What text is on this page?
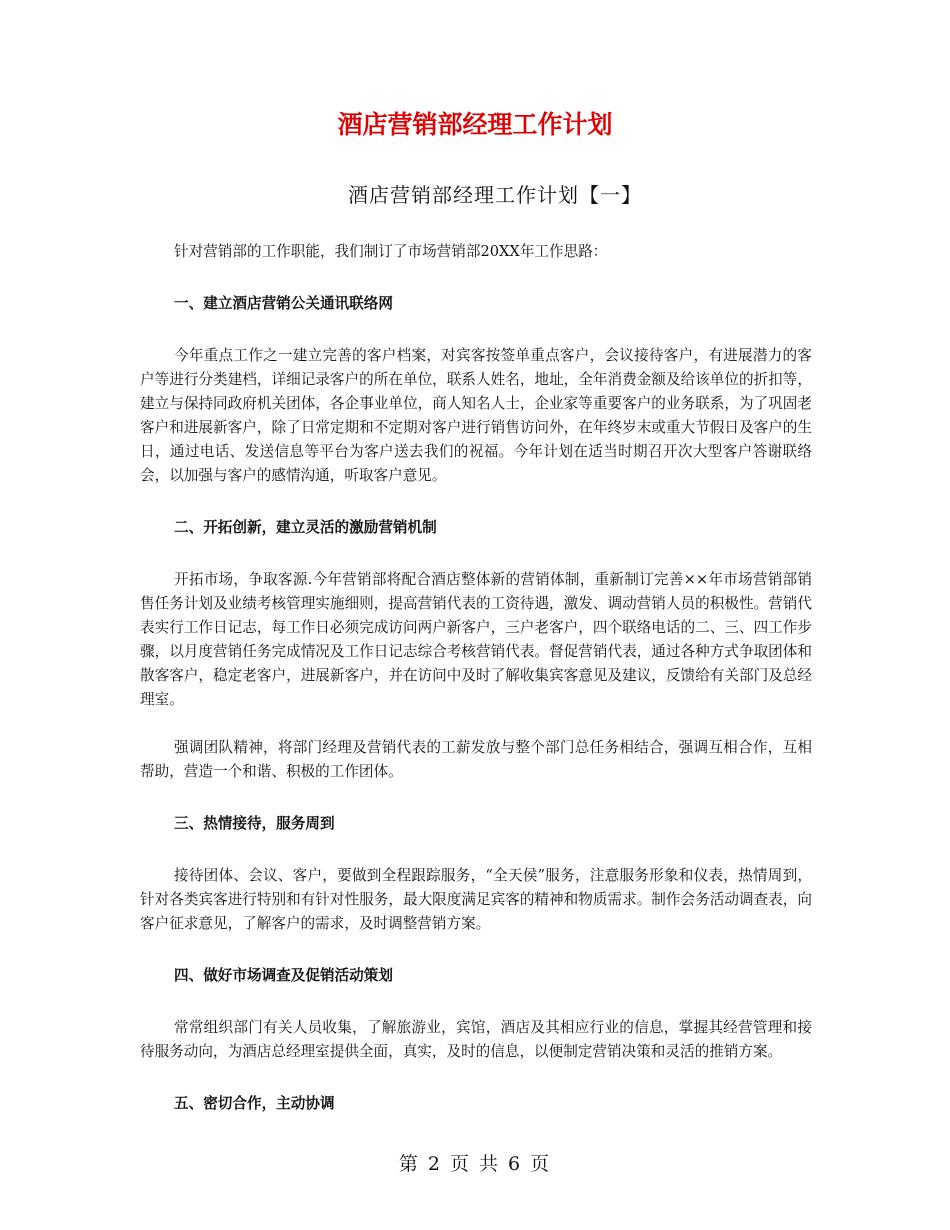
酒店营销部经理工作计划
酒店营销部经理工作计划【一】

针对营销部的工作职能，我们制订了市场营销部20XX年工作思路：

一、建立酒店营销公关通讯联络网

今年重点工作之一建立完善的客户档案，对宾客按签单重点客户，会议接待客户，有进展潜力的客户等进行分类建档，详细记录客户的所在单位，联系人姓名，地址，全年消费金额及给该单位的折扣等，建立与保持同政府机关团体，各企事业单位，商人知名人士，企业家等重要客户的业务联系，为了巩固老客户和进展新客户，除了日常定期和不定期对客户进行销售访问外，在年终岁末或重大节假日及客户的生日，通过电话、发送信息等平台为客户送去我们的祝福。今年计划在适当时期召开次大型客户答谢联络会，以加强与客户的感情沟通，听取客户意见。

二、开拓创新，建立灵活的激励营销机制

开拓市场，争取客源.今年营销部将配合酒店整体新的营销体制，重新制订完善××年市场营销部销售任务计划及业绩考核管理实施细则，提高营销代表的工资待遇，激发、调动营销人员的积极性。营销代表实行工作日记志，每工作日必须完成访问两户新客户，三户老客户，四个联络电话的二、三、四工作步骤，以月度营销任务完成情况及工作日记志综合考核营销代表。督促营销代表，通过各种方式争取团体和散客客户，稳定老客户，进展新客户，并在访问中及时了解收集宾客意见及建议，反馈给有关部门及总经理室。

强调团队精神，将部门经理及营销代表的工薪发放与整个部门总任务相结合，强调互相合作，互相帮助，营造一个和谐、积极的工作团体。

三、热情接待，服务周到

接待团体、会议、客户，要做到全程跟踪服务，“全天侯”服务，注意服务形象和仪表，热情周到，针对各类宾客进行特别和有针对性服务，最大限度满足宾客的精神和物质需求。制作会务活动调查表，向客户征求意见，了解客户的需求，及时调整营销方案。

四、做好市场调查及促销活动策划

常常组织部门有关人员收集，了解旅游业，宾馆，酒店及其相应行业的信息，掌握其经营管理和接待服务动向，为酒店总经理室提供全面，真实，及时的信息，以便制定营销决策和灵活的推销方案。

五、密切合作，主动协调

第 2 页 共 6 页
